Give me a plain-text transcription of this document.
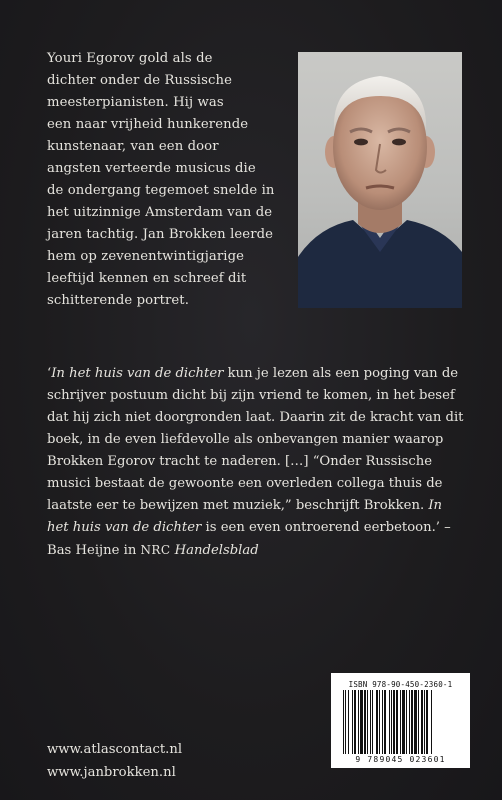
Youri Egorov gold als de
dichter onder de Russische
meesterpianisten. Hij was
een naar vrijheid hunkerende
kunstenaar, van een door
angsten verteerde musicus die
de ondergang tegemoet snelde in
het uitzinnige Amsterdam van de
jaren tachtig. Jan Brokken leerde
hem op zevenentwintigjarige
leeftijd kennen en schreef dit
schitterende portret.

‘In het huis van de dichter kun je lezen als een poging van de schrijver postuum dicht bij zijn vriend te komen, in het besef dat hij zich niet doorgronden laat. Daarin zit de kracht van dit boek, in de even liefdevolle als onbevangen manier waarop Brokken Egorov tracht te naderen. […] “Onder Russische musici bestaat de gewoonte een overleden collega thuis de laatste eer te bewijzen met muziek,” beschrijft Brokken. In het huis van de dichter is een even ontroerend eerbetoon.’ – Bas Heijne in NRC Handelsblad

www.atlascontact.nl
www.janbrokken.nl
ISBN 978-90-450-2360-1
9 789045 023601
